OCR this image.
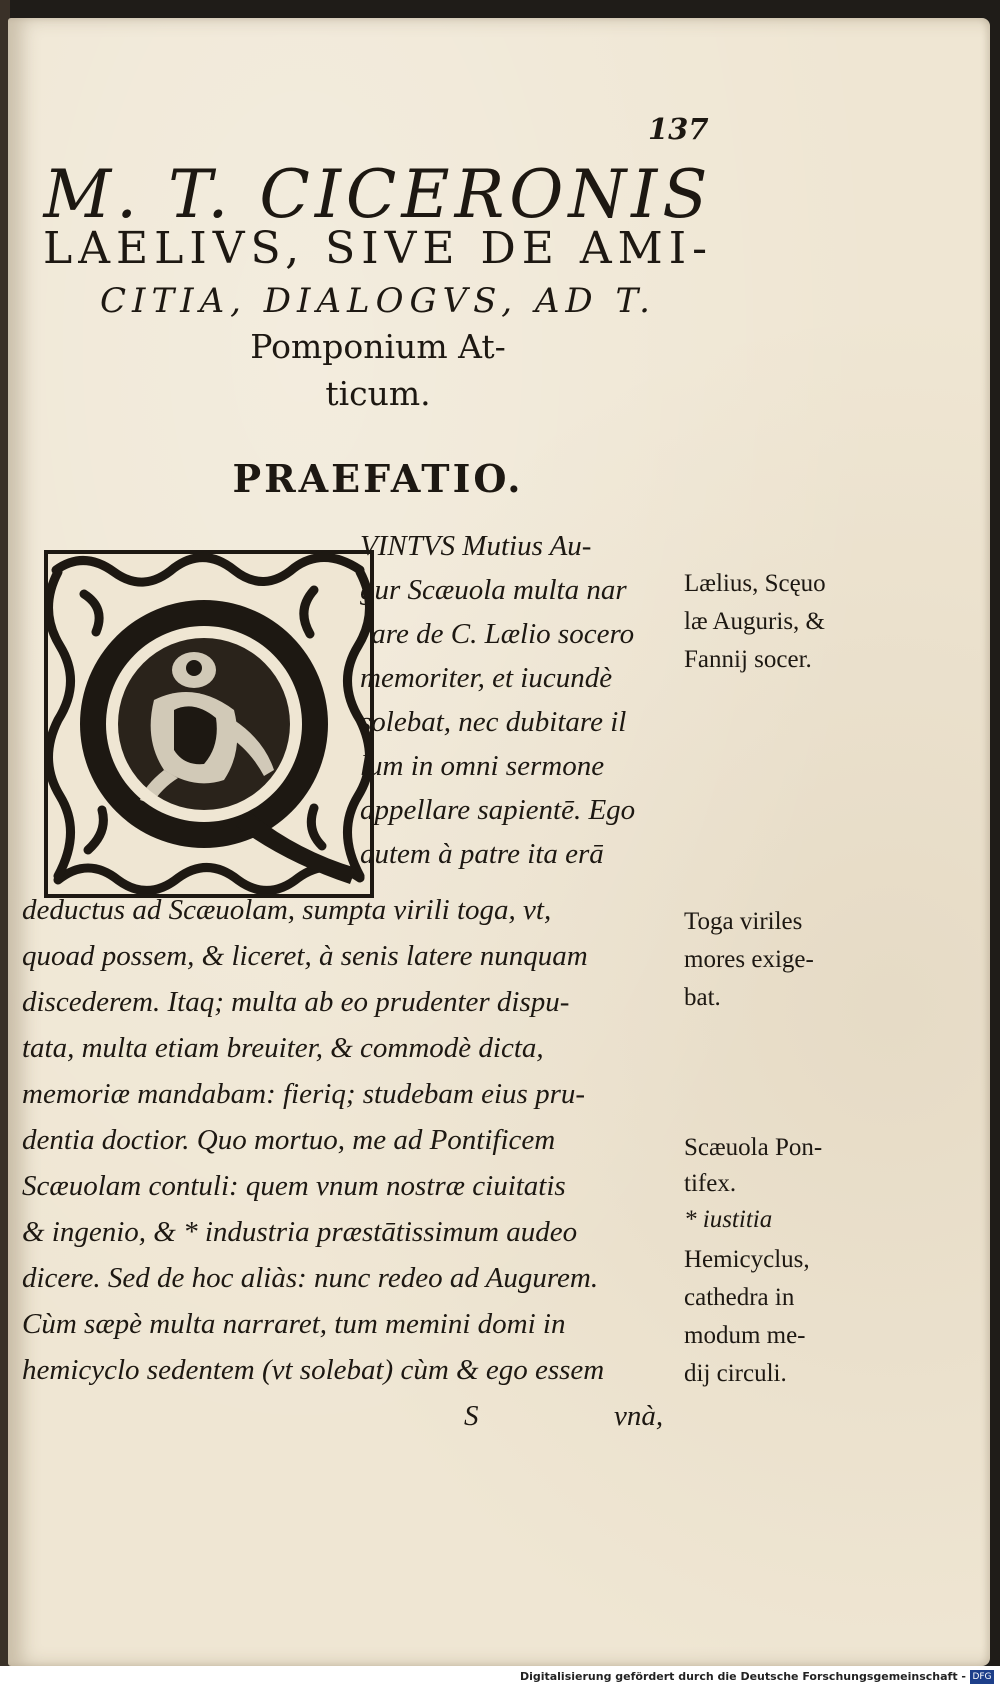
137

M. T. CICERONIS

LAELIVS, SIVE DE AMI-

CITIA, DIALOGVS, AD T.

Pomponium At-

ticum.

PRAEFATIO.

VINTVS Mutius Au-

gur Scæuola multa nar

rare de C. Lælio socero

memoriter, et iucundè

solebat, nec dubitare il

lum in omni sermone

appellare sapientē. Ego

autem à patre ita erā

deductus ad Scæuolam, sumpta virili toga, vt,

quoad possem, & liceret, à senis latere nunquam

discederem. Itaq; multa ab eo prudenter dispu-

tata, multa etiam breuiter, & commodè dicta,

memoriæ mandabam: fieriq; studebam eius pru-

dentia doctior. Quo mortuo, me ad Pontificem

Scæuolam contuli: quem vnum nostræ ciuitatis

& ingenio, & * industria præstātissimum audeo

dicere. Sed de hoc aliàs: nunc redeo ad Augurem.

Cùm sæpè multa narraret, tum memini domi in

hemicyclo sedentem (vt solebat) cùm & ego essem

S	vnà,

Lælius, Scęuo

læ Auguris, &

Fannij socer.

Toga viriles

mores exige-

bat.

Scæuola Pon-

tifex.

* iustitia

Hemicyclus,

cathedra in

modum me-

dij circuli.

Digitalisierung gefördert durch die Deutsche Forschungsgemeinschaft - DFG
